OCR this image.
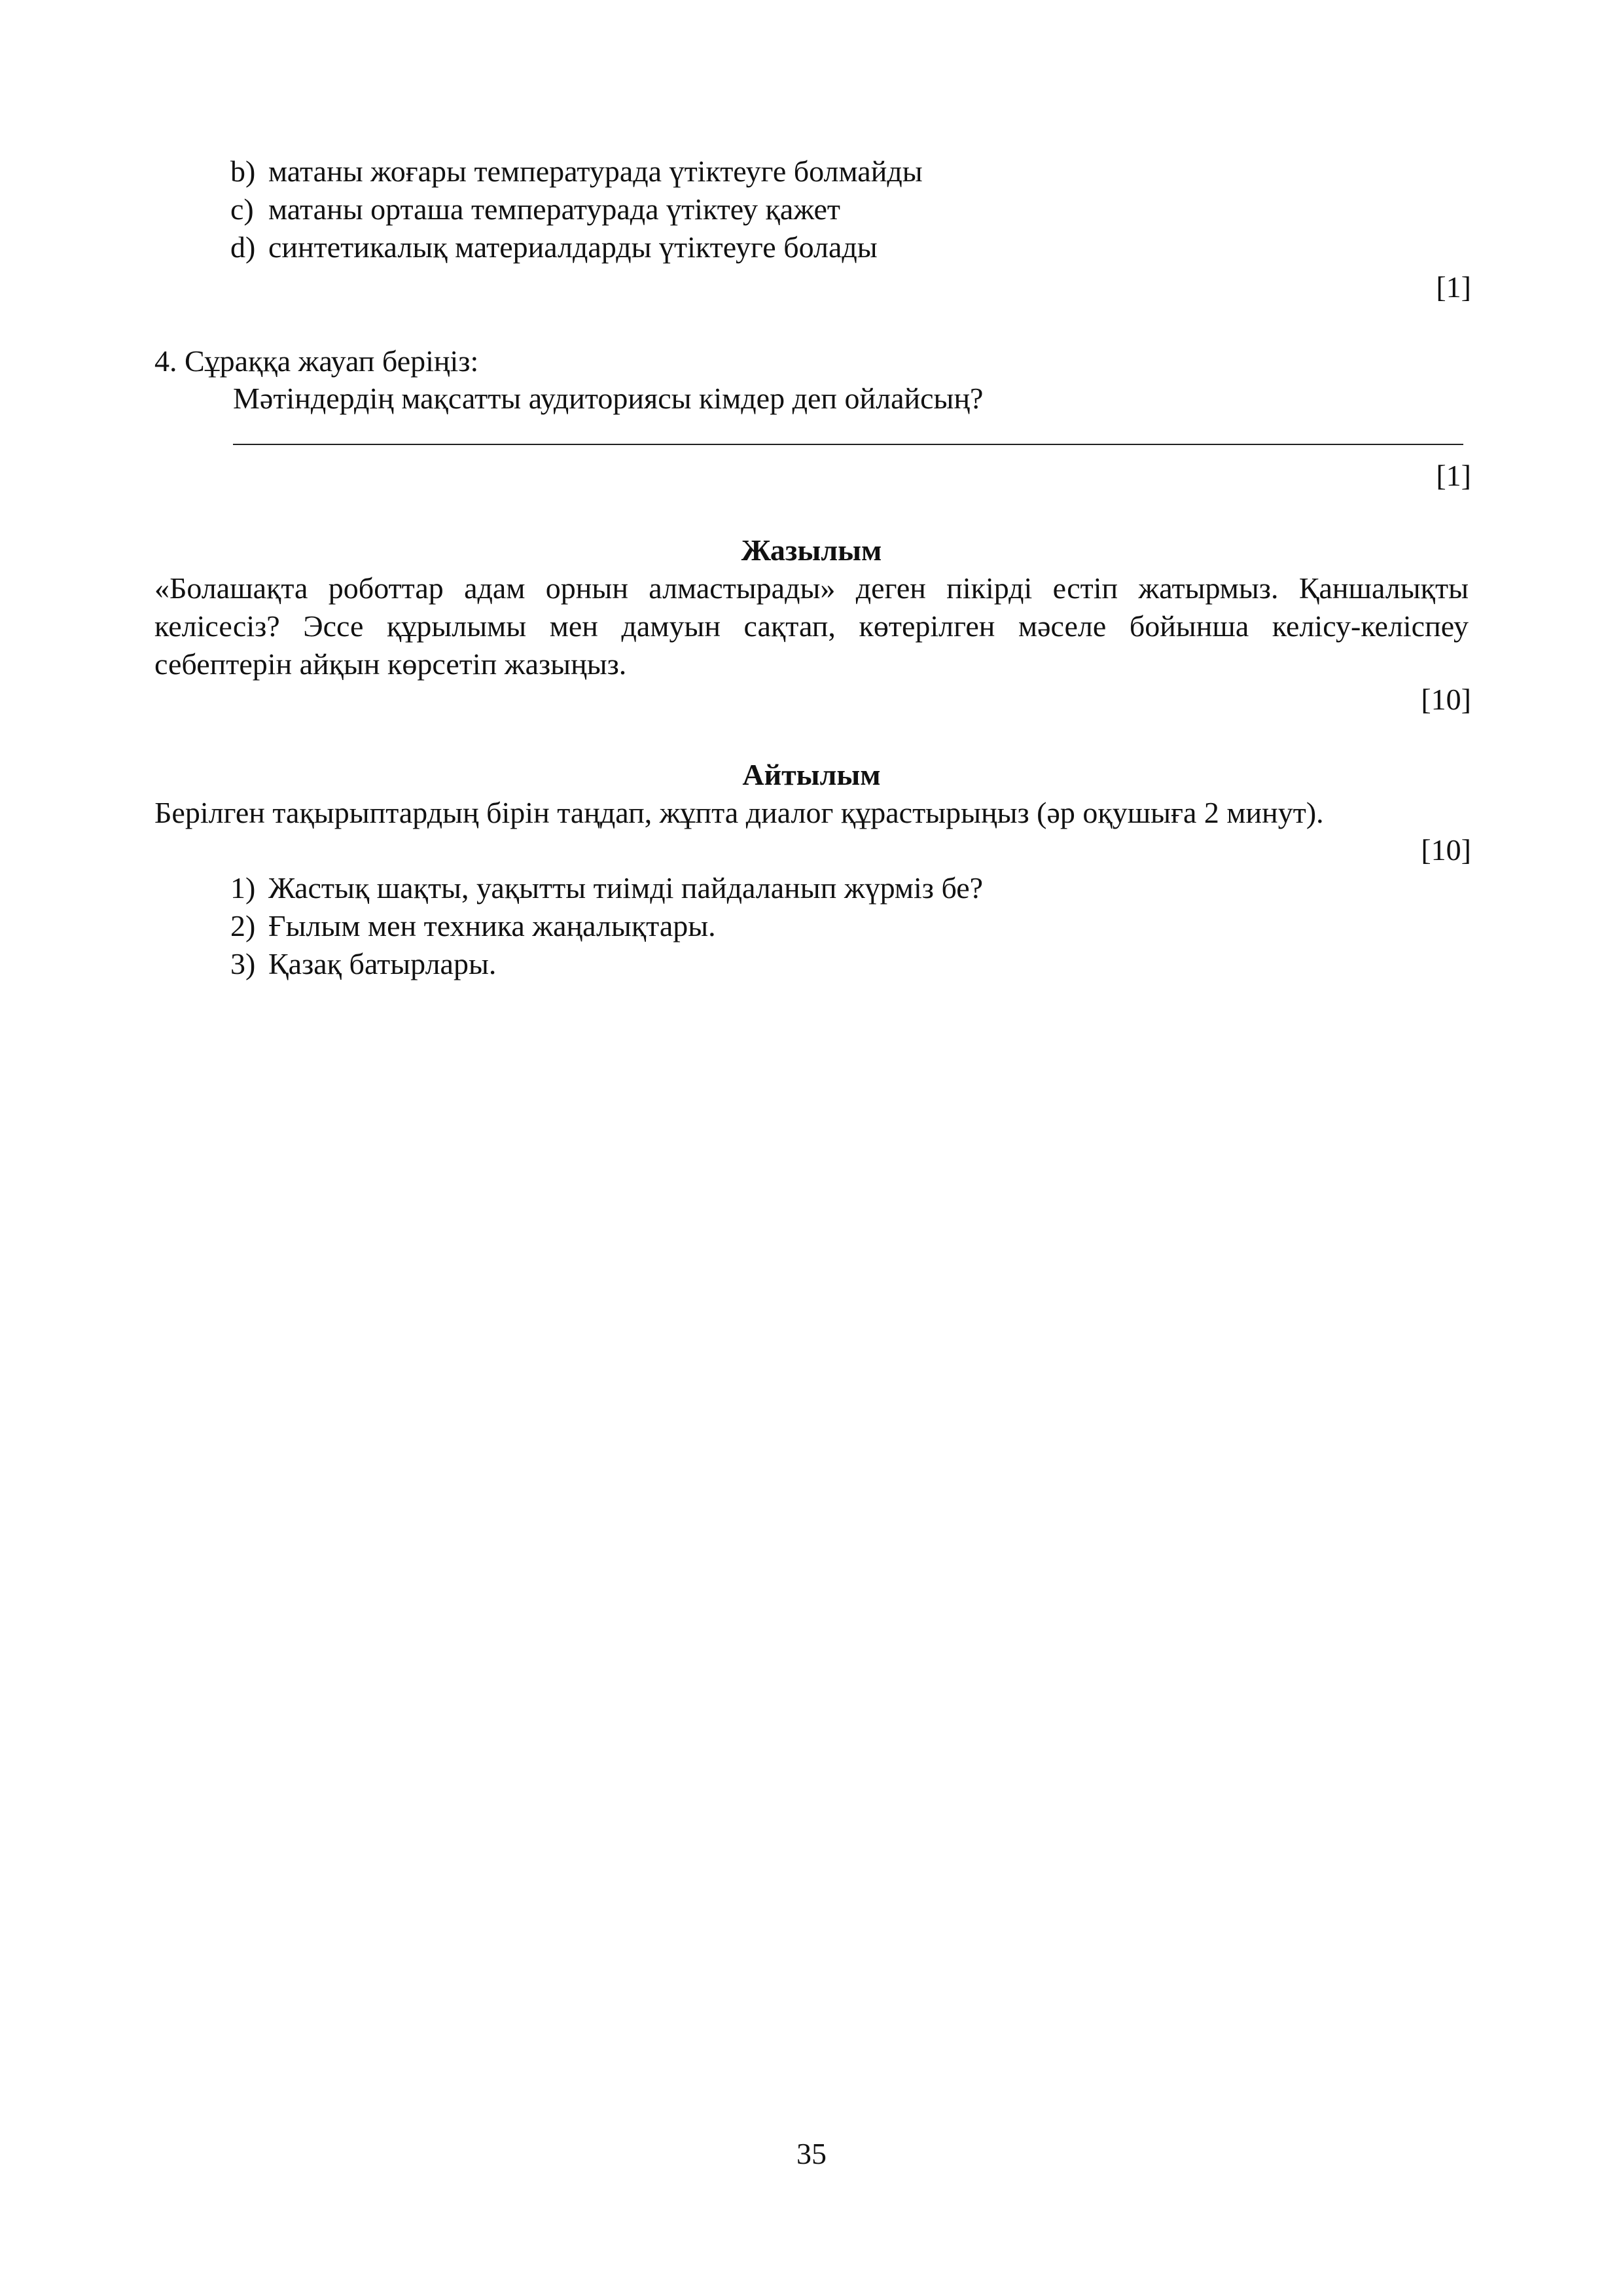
b) матаны жоғары температурада үтіктеуге болмайды
c) матаны орташа температурада үтіктеу қажет
d) синтетикалық материалдарды үтіктеуге болады
[1]
4. Сұраққа жауап беріңіз:
Мәтіндердің мақсатты аудиториясы кімдер деп ойлайсың?
[1]
Жазылым
«Болашақта роботтар адам орнын алмастырады» деген пікірді естіп жатырмыз. Қаншалықты келісесіз? Эссе құрылымы мен дамуын сақтап, көтерілген мәселе бойынша келісу-келіспеу себептерін айқын көрсетіп жазыңыз.
[10]
Айтылым
Берілген тақырыптардың бірін таңдап, жұпта диалог құрастырыңыз (әр оқушыға 2 минут).
[10]
1) Жастық шақты, уақытты тиімді пайдаланып жүрміз бе?
2) Ғылым мен техника жаңалықтары.
3) Қазақ батырлары.
35
